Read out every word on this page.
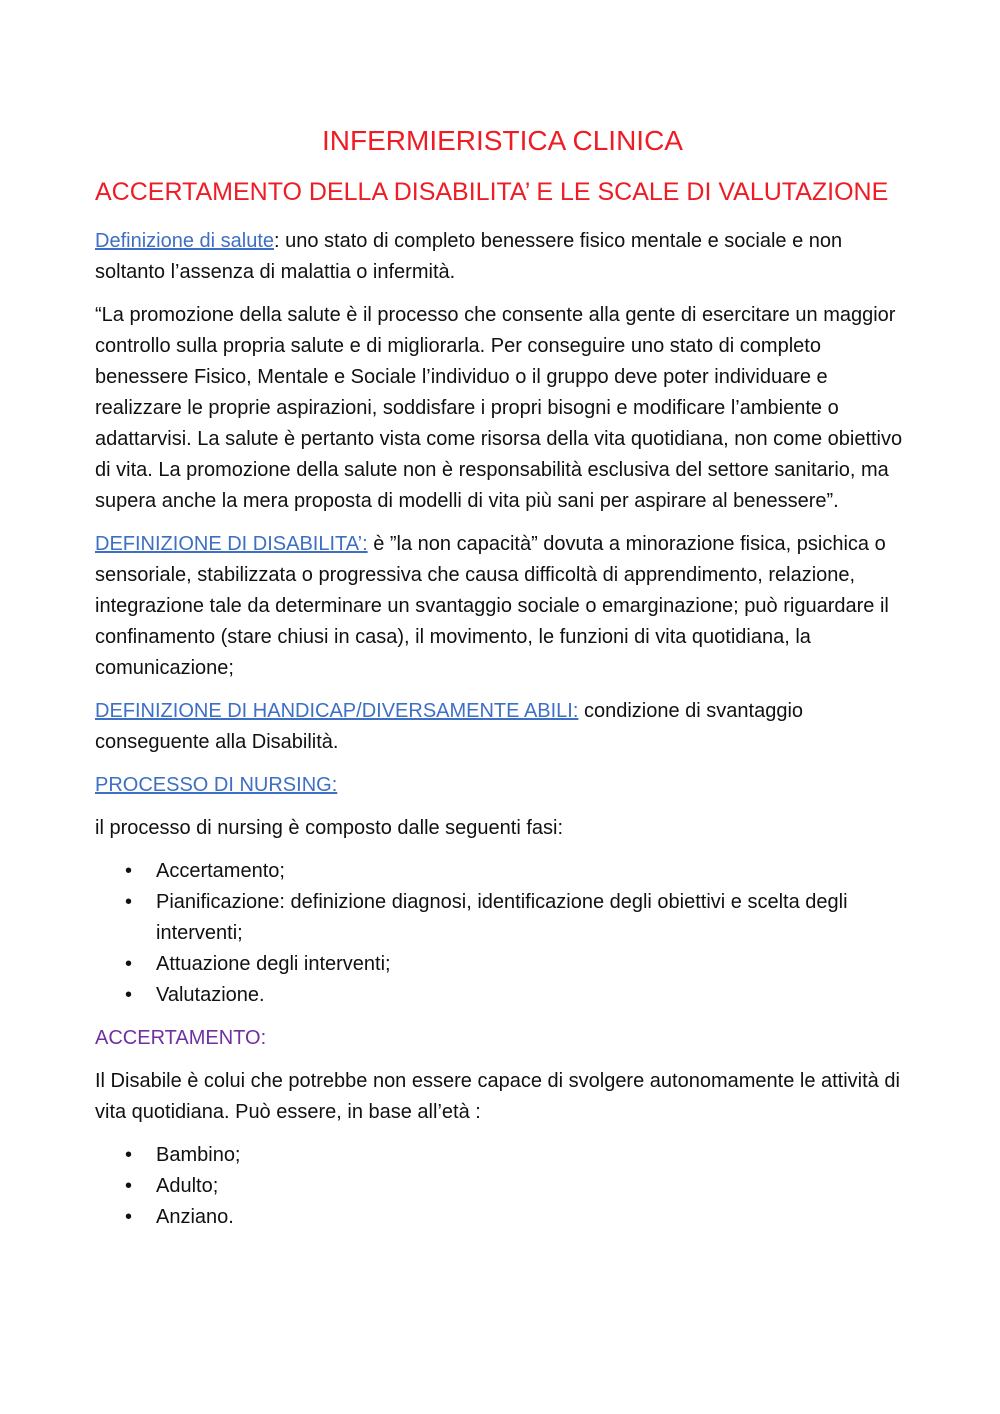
INFERMIERISTICA CLINICA
ACCERTAMENTO DELLA DISABILITA’ E LE SCALE DI VALUTAZIONE

Definizione di salute: uno stato di completo benessere fisico mentale e sociale e non soltanto l’assenza di malattia o infermità.

“La promozione della salute è il processo che consente alla gente di esercitare un maggior controllo sulla propria salute e di migliorarla. Per conseguire uno stato di completo benessere Fisico, Mentale e Sociale l’individuo o il gruppo deve poter individuare e realizzare le proprie aspirazioni, soddisfare i propri bisogni e modificare l’ambiente o adattarvisi. La salute è pertanto vista come risorsa della vita quotidiana, non come obiettivo di vita. La promozione della salute non è responsabilità esclusiva del settore sanitario, ma supera anche la mera proposta di modelli di vita più sani per aspirare al benessere”.

DEFINIZIONE DI DISABILITA’: è ”la non capacità” dovuta a minorazione fisica, psichica o sensoriale, stabilizzata o progressiva che causa difficoltà di apprendimento, relazione, integrazione tale da determinare un svantaggio sociale o emarginazione; può riguardare il confinamento (stare chiusi in casa), il movimento, le funzioni di vita quotidiana, la comunicazione;

DEFINIZIONE DI HANDICAP/DIVERSAMENTE ABILI: condizione di svantaggio conseguente alla Disabilità.

PROCESSO DI NURSING:

il processo di nursing è composto dalle seguenti fasi:

• Accertamento;
• Pianificazione: definizione diagnosi, identificazione degli obiettivi e scelta degli interventi;
• Attuazione degli interventi;
• Valutazione.

ACCERTAMENTO:

Il Disabile è colui che potrebbe non essere capace di svolgere autonomamente le attività di vita quotidiana. Può essere, in base all’età :

• Bambino;
• Adulto;
• Anziano.
